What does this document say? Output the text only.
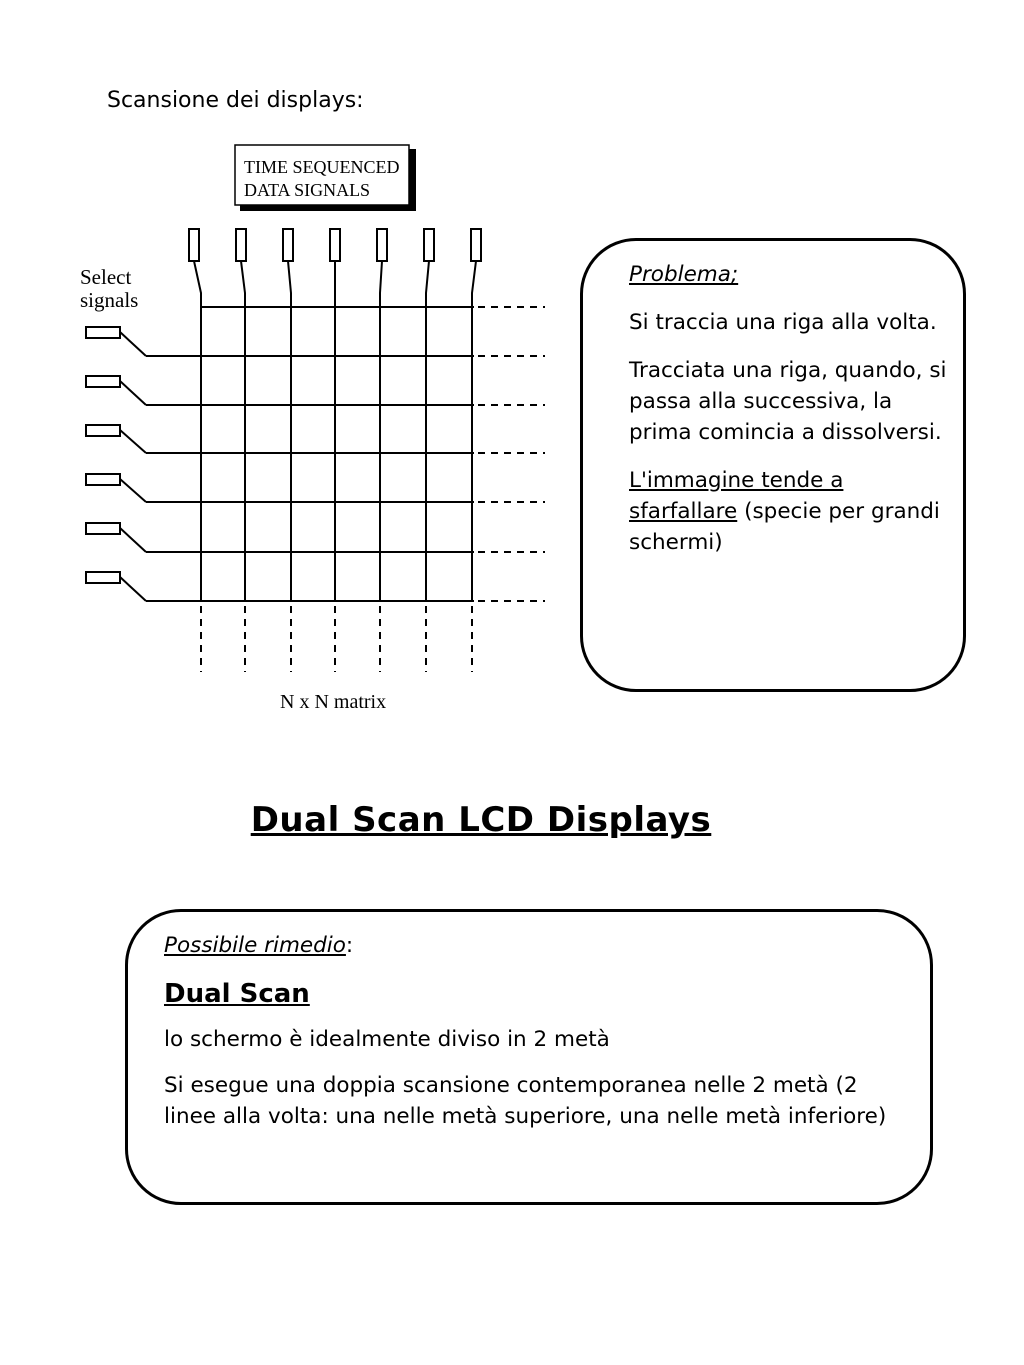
Scansione dei displays:

TIME SEQUENCED
DATA SIGNALS
Select
signals
N x N matrix

Problema;

Si traccia una riga alla volta.

Tracciata una riga, quando, si passa alla successiva, la prima comincia a dissolversi.

L'immagine tende a sfarfallare (specie per grandi schermi)

Dual Scan LCD Displays

Possibile rimedio:

Dual Scan

lo schermo è idealmente diviso in 2 metà

Si esegue una doppia scansione contemporanea nelle 2 metà (2 linee alla volta: una nelle metà superiore, una nelle metà inferiore)
